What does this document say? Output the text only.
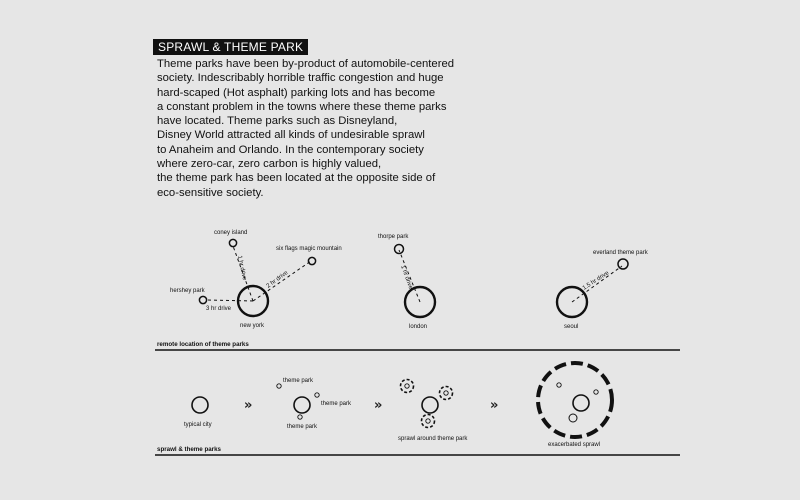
SPRAWL & THEME PARK
Theme parks have been by-product of automobile-centered
society. Indescribably horrible traffic congestion and huge
hard-scaped (Hot asphalt) parking lots and has become
a constant problem in the towns where these theme parks
have located. Theme parks such as Disneyland,
Disney World attracted all kinds of undesirable sprawl
to Anaheim and Orlando. In the contemporary society
where zero-car, zero carbon is highly valued,
the theme park has been located at the opposite side of
eco-sensitive society.
coney island
six flags magic mountain
hershey park
1 hr drive	2 hr drive
3 hr drive
new york
thorpe park
1 hr drive
london
everland theme park
1.5 hr drive
seoul
remote location of theme parks
typical city
»
theme park
theme park
theme park
»
sprawl around theme park
»
exacerbated sprawl
sprawl & theme parks
